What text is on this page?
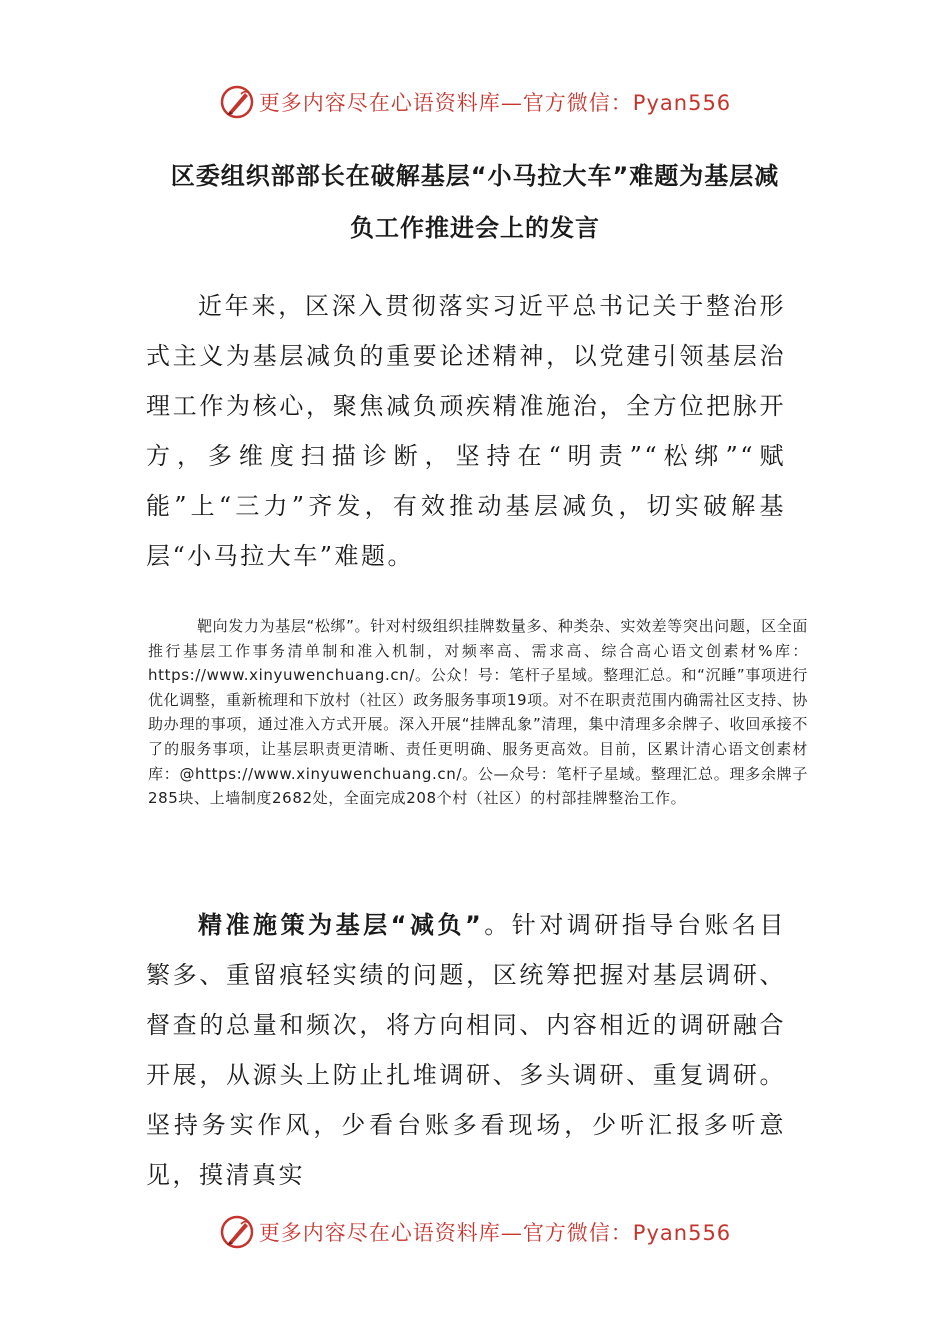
更多内容尽在心语资料库—官方微信：Pyan556
区委组织部部长在破解基层“小马拉大车”难题为基层减
负工作推进会上的发言

近年来，区深入贯彻落实习近平总书记关于整治形式主义为基层减负的重要论述精神，以党建引领基层治理工作为核心，聚焦减负顽疾精准施治，全方位把脉开方，多维度扫描诊断，坚持在“明责”“松绑”“赋能”上“三力”齐发，有效推动基层减负，切实破解基层“小马拉大车”难题。

靶向发力为基层“松绑”。针对村级组织挂牌数量多、种类杂、实效差等突出问题，区全面推行基层工作事务清单制和准入机制，对频率高、需求高、综合高心语文创素材%库：https://www.xinyuwenchuang.cn/。公众！号：笔杆子星域。整理汇总。和“沉睡”事项进行优化调整，重新梳理和下放村（社区）政务服务事项19项。对不在职责范围内确需社区支持、协助办理的事项，通过准入方式开展。深入开展“挂牌乱象”清理，集中清理多余牌子、收回承接不了的服务事项，让基层职责更清晰、责任更明确、服务更高效。目前，区累计清心语文创素材库：@https://www.xinyuwenchuang.cn/。公—众号：笔杆子星域。整理汇总。理多余牌子285块、上墙制度2682处，全面完成208个村（社区）的村部挂牌整治工作。

精准施策为基层“减负”。针对调研指导台账名目繁多、重留痕轻实绩的问题，区统筹把握对基层调研、督查的总量和频次，将方向相同、内容相近的调研融合开展，从源头上防止扎堆调研、多头调研、重复调研。坚持务实作风，少看台账多看现场，少听汇报多听意见，摸清真实

更多内容尽在心语资料库—官方微信：Pyan556
